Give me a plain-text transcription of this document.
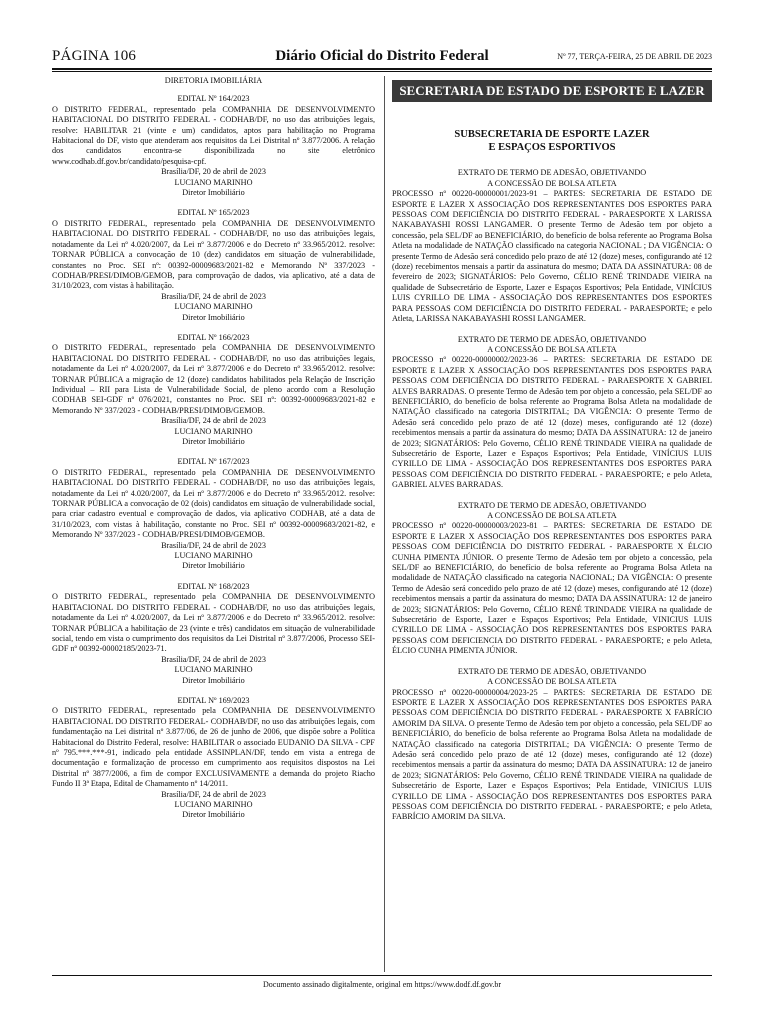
PÁGINA 106	Diário Oficial do Distrito Federal	Nº 77, TERÇA-FEIRA, 25 DE ABRIL DE 2023
DIRETORIA IMOBILIÁRIA

EDITAL Nº 164/2023

O DISTRITO FEDERAL, representado pela COMPANHIA DE DESENVOLVIMENTO HABITACIONAL DO DISTRITO FEDERAL - CODHAB/DF, no uso das atribuições legais, resolve: HABILITAR 21 (vinte e um) candidatos, aptos para habilitação no Programa Habitacional do DF, visto que atenderam aos requisitos da Lei Distrital nº 3.877/2006. A relação dos candidatos encontra-se disponibilizada no site eletrônico www.codhab.df.gov.br/candidato/pesquisa-cpf.

Brasília/DF, 20 de abril de 2023

LUCIANO MARINHO

Diretor Imobiliário

EDITAL Nº 165/2023

O DISTRITO FEDERAL, representado pela COMPANHIA DE DESENVOLVIMENTO HABITACIONAL DO DISTRITO FEDERAL - CODHAB/DF, no uso das atribuições legais, notadamente da Lei nº 4.020/2007, da Lei nº 3.877/2006 e do Decreto nº 33.965/2012. resolve: TORNAR PÚBLICA a convocação de 10 (dez) candidatos em situação de vulnerabilidade, constantes no Proc. SEI nº: 00392-00009683/2021-82 e Memorando Nº 337/2023 - CODHAB/PRESI/DIMOB/GEMOB, para comprovação de dados, via aplicativo, até a data de 31/10/2023, com vistas à habilitação.

Brasília/DF, 24 de abril de 2023

LUCIANO MARINHO

Diretor Imobiliário

EDITAL Nº 166/2023

O DISTRITO FEDERAL, representado pela COMPANHIA DE DESENVOLVIMENTO HABITACIONAL DO DISTRITO FEDERAL - CODHAB/DF, no uso das atribuições legais, notadamente da Lei nº 4.020/2007, da Lei nº 3.877/2006 e do Decreto nº 33.965/2012. resolve: TORNAR PÚBLICA a migração de 12 (doze) candidatos habilitados pela Relação de Inscrição Individual – RII para Lista de Vulnerabilidade Social, de pleno acordo com a Resolução CODHAB SEI-GDF nº 076/2021, constantes no Proc. SEI nº: 00392-00009683/2021-82 e Memorando Nº 337/2023 - CODHAB/PRESI/DIMOB/GEMOB.

Brasília/DF, 24 de abril de 2023

LUCIANO MARINHO

Diretor Imobiliário

EDITAL Nº 167/2023

O DISTRITO FEDERAL, representado pela COMPANHIA DE DESENVOLVIMENTO HABITACIONAL DO DISTRITO FEDERAL - CODHAB/DF, no uso das atribuições legais, notadamente da Lei nº 4.020/2007, da Lei nº 3.877/2006 e do Decreto nº 33.965/2012. resolve: TORNAR PÚBLICA a convocação de 02 (dois) candidatos em situação de vulnerabilidade social, para criar cadastro eventual e comprovação de dados, via aplicativo CODHAB, até a data de 31/10/2023, com vistas à habilitação, constante no Proc. SEI nº 00392-00009683/2021-82, e Memorando Nº 337/2023 - CODHAB/PRESI/DIMOB/GEMOB.

Brasília/DF, 24 de abril de 2023

LUCIANO MARINHO

Diretor Imobiliário

EDITAL Nº 168/2023

O DISTRITO FEDERAL, representado pela COMPANHIA DE DESENVOLVIMENTO HABITACIONAL DO DISTRITO FEDERAL - CODHAB/DF, no uso das atribuições legais, notadamente da Lei nº 4.020/2007, da Lei nº 3.877/2006 e do Decreto nº 33.965/2012. resolve: TORNAR PÚBLICA a habilitação de 23 (vinte e três) candidatos em situação de vulnerabilidade social, tendo em vista o cumprimento dos requisitos da Lei Distrital nº 3.877/2006, Processo SEI-GDF nº 00392-00002185/2023-71.

Brasília/DF, 24 de abril de 2023

LUCIANO MARINHO

Diretor Imobiliário

EDITAL Nº 169/2023

O DISTRITO FEDERAL, representado pela COMPANHIA DE DESENVOLVIMENTO HABITACIONAL DO DISTRITO FEDERAL- CODHAB/DF, no uso das atribuições legais, com fundamentação na Lei distrital nº 3.877/06, de 26 de junho de 2006, que dispõe sobre a Política Habitacional do Distrito Federal, resolve: HABILITAR o associado EUDANIO DA SILVA - CPF nº 795.***.***-91, indicado pela entidade ASSINPLAN/DF, tendo em vista a entrega de documentação e formalização de processo em cumprimento aos requisitos dispostos na Lei Distrital nº 3877/2006, a fim de compor EXCLUSIVAMENTE a demanda do projeto Riacho Fundo II 3ª Etapa, Edital de Chamamento nº 14/2011.

Brasília/DF, 24 de abril de 2023

LUCIANO MARINHO

Diretor Imobiliário

SECRETARIA DE ESTADO DE ESPORTE E LAZER
SUBSECRETARIA DE ESPORTE LAZER
E ESPAÇOS ESPORTIVOS

EXTRATO DE TERMO DE ADESÃO, OBJETIVANDO

A CONCESSÃO DE BOLSA ATLETA

PROCESSO nº 00220-00000001/2023-91 – PARTES: SECRETARIA DE ESTADO DE ESPORTE E LAZER X ASSOCIAÇÃO DOS REPRESENTANTES DOS ESPORTES PARA PESSOAS COM DEFICIÊNCIA DO DISTRITO FEDERAL - PARAESPORTE X LARISSA NAKABAYASHI ROSSI LANGAMER. O presente Termo de Adesão tem por objeto a concessão, pela SEL/DF ao BENEFICIÁRIO, do benefício de bolsa referente ao Programa Bolsa Atleta na modalidade de NATAÇÃO classificado na categoria NACIONAL ; DA VIGÊNCIA: O presente Termo de Adesão será concedido pelo prazo de até 12 (doze) meses, configurando até 12 (doze) recebimentos mensais a partir da assinatura do mesmo; DATA DA ASSINATURA: 08 de fevereiro de 2023; SIGNATÁRIOS: Pelo Governo, CÉLIO RENÉ TRINDADE VIEIRA na qualidade de Subsecretário de Esporte, Lazer e Espaços Esportivos; Pela Entidade, VINÍCIUS LUIS CYRILLO DE LIMA - ASSOCIAÇÃO DOS REPRESENTANTES DOS ESPORTES PARA PESSOAS COM DEFICIÊNCIA DO DISTRITO FEDERAL - PARAESPORTE; e pelo Atleta, LARISSA NAKABAYASHI ROSSI LANGAMER.

EXTRATO DE TERMO DE ADESÃO, OBJETIVANDO

A CONCESSÃO DE BOLSA ATLETA

PROCESSO nº 00220-00000002/2023-36 – PARTES: SECRETARIA DE ESTADO DE ESPORTE E LAZER X ASSOCIAÇÃO DOS REPRESENTANTES DOS ESPORTES PARA PESSOAS COM DEFICIÊNCIA DO DISTRITO FEDERAL - PARAESPORTE X GABRIEL ALVES BARRADAS. O presente Termo de Adesão tem por objeto a concessão, pela SEL/DF ao BENEFICIÁRIO, do benefício de bolsa referente ao Programa Bolsa Atleta na modalidade de NATAÇÃO classificado na categoria DISTRITAL; DA VIGÊNCIA: O presente Termo de Adesão será concedido pelo prazo de até 12 (doze) meses, configurando até 12 (doze) recebimentos mensais a partir da assinatura do mesmo; DATA DA ASSINATURA: 12 de janeiro de 2023; SIGNATÁRIOS: Pelo Governo, CÉLIO RENÉ TRINDADE VIEIRA na qualidade de Subsecretário de Esporte, Lazer e Espaços Esportivos; Pela Entidade, VINÍCIUS LUIS CYRILLO DE LIMA - ASSOCIAÇÃO DOS REPRESENTANTES DOS ESPORTES PARA PESSOAS COM DEFICIÊNCIA DO DISTRITO FEDERAL - PARAESPORTE; e pelo Atleta, GABRIEL ALVES BARRADAS.

EXTRATO DE TERMO DE ADESÃO, OBJETIVANDO

A CONCESSÃO DE BOLSA ATLETA

PROCESSO nº 00220-00000003/2023-81 – PARTES: SECRETARIA DE ESTADO DE ESPORTE E LAZER X ASSOCIAÇÃO DOS REPRESENTANTES DOS ESPORTES PARA PESSOAS COM DEFICIÊNCIA DO DISTRITO FEDERAL - PARAESPORTE X ÉLCIO CUNHA PIMENTA JÚNIOR. O presente Termo de Adesão tem por objeto a concessão, pela SEL/DF ao BENEFICIÁRIO, do benefício de bolsa referente ao Programa Bolsa Atleta na modalidade de NATAÇÃO classificado na categoria NACIONAL; DA VIGÊNCIA: O presente Termo de Adesão será concedido pelo prazo de até 12 (doze) meses, configurando até 12 (doze) recebimentos mensais a partir da assinatura do mesmo; DATA DA ASSINATURA: 12 de janeiro de 2023; SIGNATÁRIOS: Pelo Governo, CÉLIO RENÉ TRINDADE VIEIRA na qualidade de Subsecretário de Esporte, Lazer e Espaços Esportivos; Pela Entidade, VINICIUS LUIS CYRILLO DE LIMA - ASSOCIAÇÃO DOS REPRESENTANTES DOS ESPORTES PARA PESSOAS COM DEFICIENCIA DO DISTRITO FEDERAL - PARAESPORTE; e pelo Atleta, ÉLCIO CUNHA PIMENTA JÚNIOR.

EXTRATO DE TERMO DE ADESÃO, OBJETIVANDO

A CONCESSÃO DE BOLSA ATLETA

PROCESSO nº 00220-00000004/2023-25 – PARTES: SECRETARIA DE ESTADO DE ESPORTE E LAZER X ASSOCIAÇÃO DOS REPRESENTANTES DOS ESPORTES PARA PESSOAS COM DEFICIÊNCIA DO DISTRITO FEDERAL - PARAESPORTE X FABRÍCIO AMORIM DA SILVA. O presente Termo de Adesão tem por objeto a concessão, pela SEL/DF ao BENEFICIÁRIO, do benefício de bolsa referente ao Programa Bolsa Atleta na modalidade de NATAÇÃO classificado na categoria DISTRITAL; DA VIGÊNCIA: O presente Termo de Adesão será concedido pelo prazo de até 12 (doze) meses, configurando até 12 (doze) recebimentos mensais a partir da assinatura do mesmo; DATA DA ASSINATURA: 12 de janeiro de 2023; SIGNATÁRIOS: Pelo Governo, CÉLIO RENÉ TRINDADE VIEIRA na qualidade de Subsecretário de Esporte, Lazer e Espaços Esportivos; Pela Entidade, VINICIUS LUIS CYRILLO DE LIMA - ASSOCIAÇÃO DOS REPRESENTANTES DOS ESPORTES PARA PESSOAS COM DEFICIÊNCIA DO DISTRITO FEDERAL - PARAESPORTE; e pelo Atleta, FABRÍCIO AMORIM DA SILVA.

Documento assinado digitalmente, original em https://www.dodf.df.gov.br
